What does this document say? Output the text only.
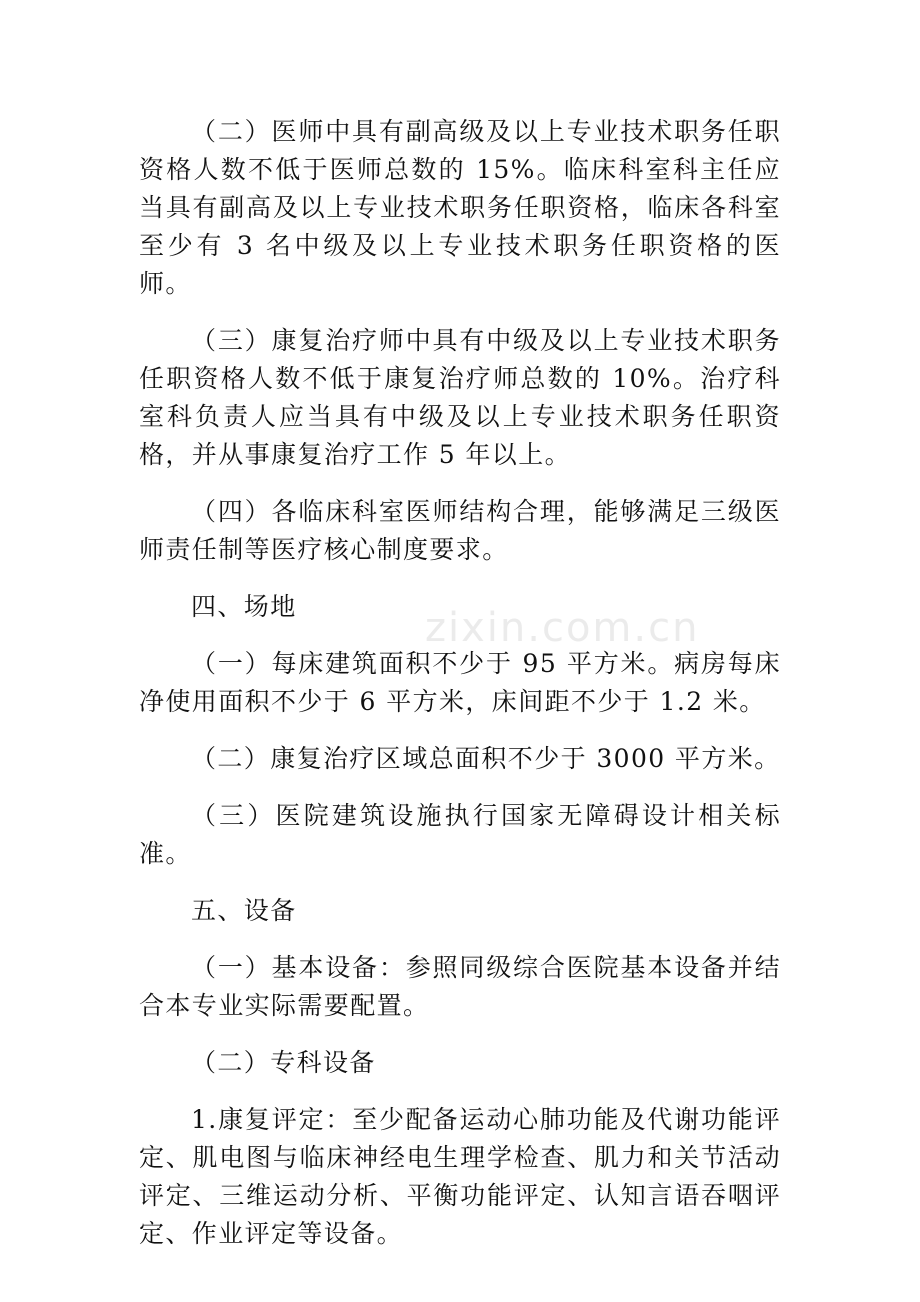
（二）医师中具有副高级及以上专业技术职务任职资格人数不低于医师总数的 15%。临床科室科主任应当具有副高及以上专业技术职务任职资格，临床各科室至少有 3 名中级及以上专业技术职务任职资格的医师。

（三）康复治疗师中具有中级及以上专业技术职务任职资格人数不低于康复治疗师总数的 10%。治疗科室科负责人应当具有中级及以上专业技术职务任职资格，并从事康复治疗工作 5 年以上。

（四）各临床科室医师结构合理，能够满足三级医师责任制等医疗核心制度要求。

四、场地

（一）每床建筑面积不少于 95 平方米。病房每床净使用面积不少于 6 平方米，床间距不少于 1.2 米。

（二）康复治疗区域总面积不少于 3000 平方米。

（三）医院建筑设施执行国家无障碍设计相关标准。

五、设备

（一）基本设备：参照同级综合医院基本设备并结合本专业实际需要配置。

（二）专科设备

1.康复评定：至少配备运动心肺功能及代谢功能评定、肌电图与临床神经电生理学检查、肌力和关节活动评定、三维运动分析、平衡功能评定、认知言语吞咽评定、作业评定等设备。

zixin.com.cn
